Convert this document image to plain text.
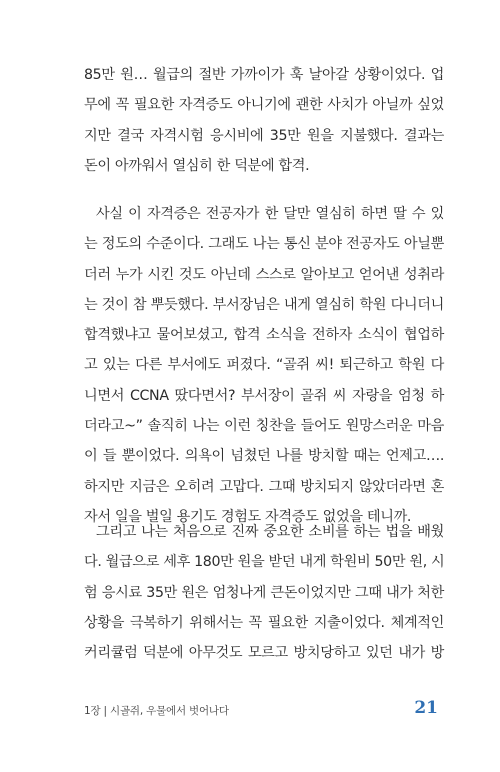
85만 원… 월급의 절반 가까이가 훅 날아갈 상황이었다. 업
무에 꼭 필요한 자격증도 아니기에 괜한 사치가 아닐까 싶었
지만 결국 자격시험 응시비에 35만 원을 지불했다. 결과는
돈이 아까워서 열심히 한 덕분에 합격.
사실 이 자격증은 전공자가 한 달만 열심히 하면 딸 수 있
는 정도의 수준이다. 그래도 나는 통신 분야 전공자도 아닐뿐
더러 누가 시킨 것도 아닌데 스스로 알아보고 얻어낸 성취라
는 것이 참 뿌듯했다. 부서장님은 내게 열심히 학원 다니더니
합격했냐고 물어보셨고, 합격 소식을 전하자 소식이 협업하
고 있는 다른 부서에도 퍼졌다. “골쥐 씨! 퇴근하고 학원 다
니면서 CCNA 땄다면서? 부서장이 골쥐 씨 자랑을 엄청 하
더라고~” 솔직히 나는 이런 칭찬을 들어도 원망스러운 마음
이 들 뿐이었다. 의욕이 넘쳤던 나를 방치할 때는 언제고….
하지만 지금은 오히려 고맙다. 그때 방치되지 않았더라면 혼
자서 일을 벌일 용기도 경험도 자격증도 없었을 테니까.
그리고 나는 처음으로 진짜 중요한 소비를 하는 법을 배웠
다. 월급으로 세후 180만 원을 받던 내게 학원비 50만 원, 시
험 응시료 35만 원은 엄청나게 큰돈이었지만 그때 내가 처한
상황을 극복하기 위해서는 꼭 필요한 지출이었다. 체계적인
커리큘럼 덕분에 아무것도 모르고 방치당하고 있던 내가 방
1장 | 시골쥐, 우물에서 벗어나다	21
